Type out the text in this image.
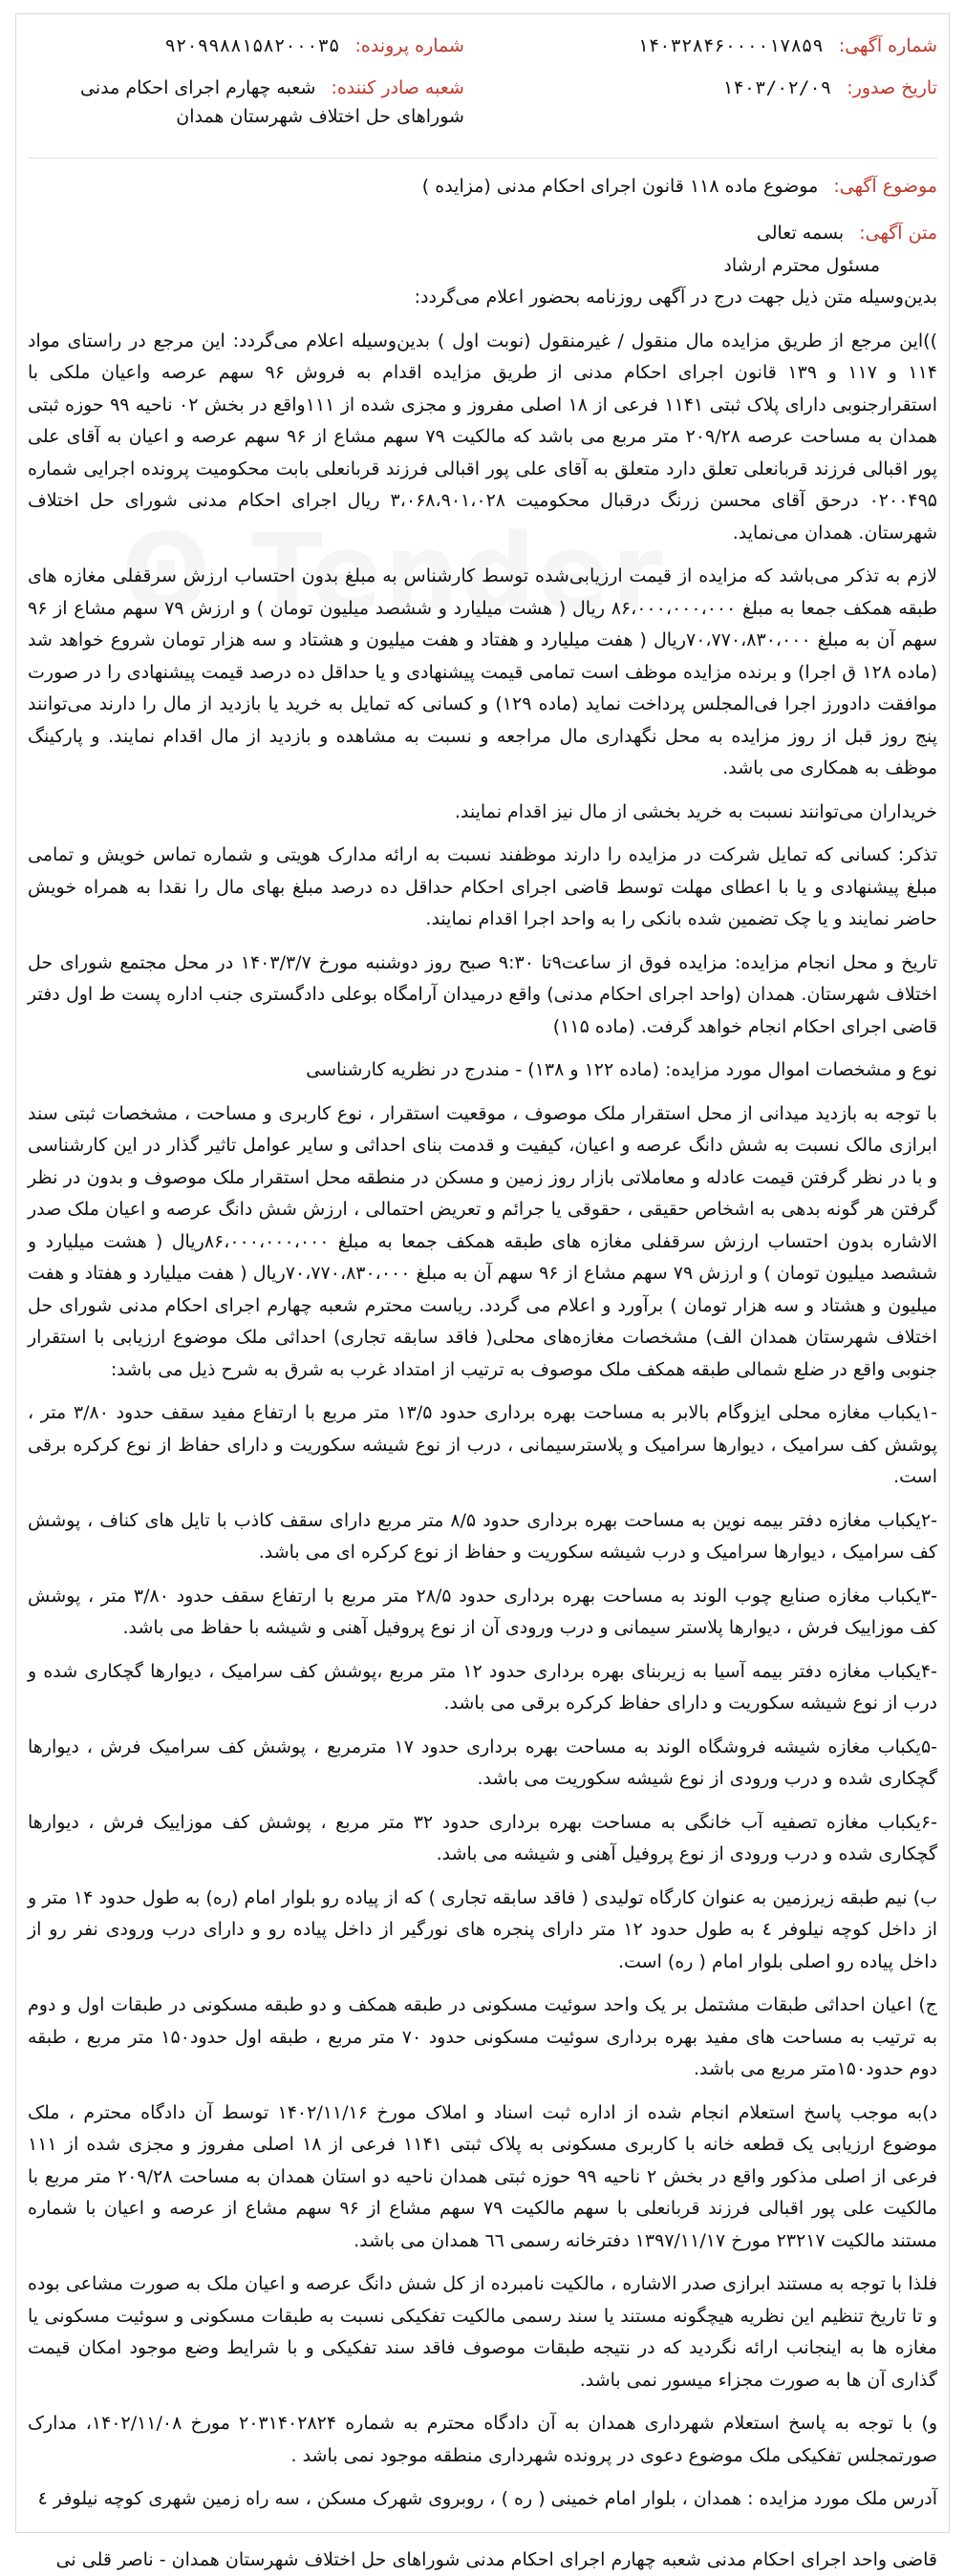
شماره آگهی: ۱۴۰۳۲۸۴۶۰۰۰۰۱۷۸۵۹
تاریخ صدور: ۱۴۰۳/۰۲/۰۹
شماره پرونده: ۹۲۰۹۹۸۸۱۵۸۲۰۰۰۳۵
شعبه صادر کننده: شعبه چهارم اجرای احکام مدنی شوراهای حل اختلاف شهرستان همدان
موضوع آگهی: موضوع ماده ۱۱۸ قانون اجرای احکام مدنی (مزایده )
متن آگهی: بسمه تعالی
مسئول محترم ارشاد

بدین‌وسیله متن ذیل جهت درج در آگهی روزنامه بحضور اعلام می‌گردد:

))این مرجع از طریق مزایده مال منقول / غیرمنقول (نوبت اول ) بدین‌وسیله اعلام می‌گردد: این مرجع در راستای مواد ۱۱۴ و ۱۱۷ و ۱۳۹ قانون اجرای احکام مدنی از طریق مزایده اقدام به فروش ۹۶ سهم عرصه واعیان ملکی با استقرارجنوبی دارای پلاک ثبتی ۱۱۴۱ فرعی از ۱۸ اصلی مفروز و مجزی شده از ۱۱۱واقع در بخش ۰۲ ناحیه ۹۹ حوزه ثبتی همدان به مساحت عرصه ۲۰۹/۲۸ متر مربع می باشد که مالکیت ۷۹ سهم مشاع از ۹۶ سهم عرصه و اعیان به آقای علی پور اقبالی فرزند قربانعلی تعلق دارد متعلق به آقای علی پور اقبالی فرزند قربانعلی بابت محکومیت پرونده اجرایی شماره ۰۲۰۰۴۹۵ درحق آقای محسن زرنگ درقبال محکومیت ۳،۰۶۸،۹۰۱،۰۲۸ ریال اجرای احکام مدنی شورای حل اختلاف شهرستان. همدان می‌نماید.

لازم به تذکر می‌باشد که مزایده از قیمت ارزیابی‌شده توسط کارشناس به مبلغ بدون احتساب ارزش سرقفلی مغازه های طبقه همکف جمعا به مبلغ ۸۶،۰۰۰،۰۰۰،۰۰۰ ریال ( هشت میلیارد و ششصد میلیون تومان ) و ارزش ۷۹ سهم مشاع از ۹۶ سهم آن به مبلغ ۷۰،۷۷۰،۸۳۰،۰۰۰ریال ( هفت میلیارد و هفتاد و هفت میلیون و هشتاد و سه هزار تومان شروع خواهد شد (ماده ۱۲۸ ق اجرا) و برنده مزایده موظف است تمامی قیمت پیشنهادی و یا حداقل ده درصد قیمت پیشنهادی را در صورت موافقت دادورز اجرا فی‌المجلس پرداخت نماید (ماده ۱۲۹) و کسانی که تمایل به خرید یا بازدید از مال را دارند می‌توانند پنج روز قبل از روز مزایده به محل نگهداری مال مراجعه و نسبت به مشاهده و بازدید از مال اقدام نمایند. و پارکینگ موظف به همکاری می باشد.

خریداران می‌توانند نسبت به خرید بخشی از مال نیز اقدام نمایند.

تذکر: کسانی که تمایل شرکت در مزایده را دارند موظفند نسبت به ارائه مدارک هویتی و شماره تماس خویش و تمامی مبلغ پیشنهادی و یا با اعطای مهلت توسط قاضی اجرای احکام حداقل ده درصد مبلغ بهای مال را نقدا به همراه خویش حاضر نمایند و یا چک تضمین شده بانکی را به واحد اجرا اقدام نمایند.

تاریخ و محل انجام مزایده: مزایده فوق از ساعت۹تا ۹:۳۰ صبح روز دوشنبه مورخ ۱۴۰۳/۳/۷ در محل مجتمع شورای حل اختلاف شهرستان. همدان (واحد اجرای احکام مدنی) واقع درمیدان آرامگاه بوعلی دادگستری جنب اداره پست ط اول دفتر قاضی اجرای احکام انجام خواهد گرفت. (ماده ۱۱۵)

نوع و مشخصات اموال مورد مزایده: (ماده ۱۲۲ و ۱۳۸) - مندرج در نظریه کارشناسی

با توجه به بازدید میدانی از محل استقرار ملک موصوف ، موقعیت استقرار ، نوع کاربری و مساحت ، مشخصات ثبتی سند ابرازی مالک نسبت به شش دانگ عرصه و اعیان، کیفیت و قدمت بنای احداثی و سایر عوامل تاثیر گذار در این کارشناسی و با در نظر گرفتن قیمت عادله و معاملاتی بازار روز زمین و مسکن در منطقه محل استقرار ملک موصوف و بدون در نظر گرفتن هر گونه بدهی به اشخاص حقیقی ، حقوقی یا جرائم و تعریض احتمالی ، ارزش شش دانگ عرصه و اعیان ملک صدر الاشاره بدون احتساب ارزش سرقفلی مغازه های طبقه همکف جمعا به مبلغ ۸۶،۰۰۰،۰۰۰،۰۰۰ریال ( هشت میلیارد و ششصد میلیون تومان ) و ارزش ۷۹ سهم مشاع از ۹۶ سهم آن به مبلغ ۷۰،۷۷۰،۸۳۰،۰۰۰ریال ( هفت میلیارد و هفتاد و هفت میلیون و هشتاد و سه هزار تومان ) برآورد و اعلام می گردد. ریاست محترم شعبه چهارم اجرای احکام مدنی شورای حل اختلاف شهرستان همدان الف) مشخصات مغازه‌های محلی( فاقد سابقه تجاری) احداثی ملک موضوع ارزیابی با استقرار جنوبی واقع در ضلع شمالی طبقه همکف ملک موصوف به ترتیب از امتداد غرب به شرق به شرح ذیل می باشد:

-۱یکباب مغازه محلی ایزوگام بالابر به مساحت بهره برداری حدود ۱۳/۵ متر مربع با ارتفاع مفید سقف حدود ۳/۸۰ متر ، پوشش کف سرامیک ، دیوارها سرامیک و پلاسترسیمانی ، درب از نوع شیشه سکوریت و دارای حفاظ از نوع کرکره برقی است.

-۲یکباب مغازه دفتر بیمه نوین به مساحت بهره برداری حدود ۸/۵ متر مربع دارای سقف کاذب با تایل های کناف ، پوشش کف سرامیک ، دیوارها سرامیک و درب شیشه سکوریت و حفاظ از نوع کرکره ای می باشد.

-۳یکباب مغازه صنایع چوب الوند به مساحت بهره برداری حدود ۲۸/۵ متر مربع با ارتفاع سقف حدود ۳/۸۰ متر ، پوشش کف موزاییک فرش ، دیوارها پلاستر سیمانی و درب ورودی آن از نوع پروفیل آهنی و شیشه با حفاظ می باشد.

-۴یکباب مغازه دفتر بیمه آسیا به زیربنای بهره برداری حدود ۱۲ متر مربع ،پوشش کف سرامیک ، دیوارها گچکاری شده و درب از نوع شیشه سکوریت و دارای حفاظ کرکره برقی می باشد.

-۵یکباب مغازه شیشه فروشگاه الوند به مساحت بهره برداری حدود ۱۷ مترمربع ، پوشش کف سرامیک فرش ، دیوارها گچکاری شده و درب ورودی از نوع شیشه سکوریت می باشد.

-۶یکباب مغازه تصفیه آب خانگی به مساحت بهره برداری حدود ۳۲ متر مربع ، پوشش کف موزاییک فرش ، دیوارها گچکاری شده و درب ورودی از نوع پروفیل آهنی و شیشه می باشد.

ب) نیم طبقه زیرزمین به عنوان کارگاه تولیدی ( فاقد سابقه تجاری ) که از پیاده رو بلوار امام (ره) به طول حدود ۱۴ متر و از داخل کوچه نیلوفر ٤ به طول حدود ۱۲ متر دارای پنجره های نورگیر از داخل پیاده رو و دارای درب ورودی نفر رو از داخل پیاده رو اصلی بلوار امام ( ره) است.

ج) اعیان احداثی طبقات مشتمل بر یک واحد سوئیت مسکونی در طبقه همکف و دو طبقه مسکونی در طبقات اول و دوم به ترتیب به مساحت های مفید بهره برداری سوئیت مسکونی حدود ۷۰ متر مربع ، طبقه اول حدود۱۵۰ متر مربع ، طبقه دوم حدود۱۵۰متر مربع می باشد.

د)به موجب پاسخ استعلام انجام شده از اداره ثبت اسناد و املاک مورخ ۱۴۰۲/۱۱/۱۶ توسط آن دادگاه محترم ، ملک موضوع ارزیابی یک قطعه خانه با کاربری مسکونی به پلاک ثبتی ۱۱۴۱ فرعی از ۱۸ اصلی مفروز و مجزی شده از ۱۱۱ فرعی از اصلی مذکور واقع در بخش ۲ ناحیه ۹۹ حوزه ثبتی همدان ناحیه دو استان همدان به مساحت ۲۰۹/۲۸ متر مربع با مالکیت علی پور اقبالی فرزند قربانعلی با سهم مالکیت ۷۹ سهم مشاع از ۹۶ سهم مشاع از عرصه و اعیان با شماره مستند مالکیت ۲۳۲۱۷ مورخ ۱۳۹۷/۱۱/۱۷ دفترخانه رسمی ٦٦ همدان می باشد.

فلذا با توجه به مستند ابرازی صدر الاشاره ، مالکیت نامبرده از کل شش دانگ عرصه و اعیان ملک به صورت مشاعی بوده و تا تاریخ تنظیم این نظریه هیچگونه مستند یا سند رسمی مالکیت تفکیکی نسبت به طبقات مسکونی و سوئیت مسکونی یا مغازه ها به اینجانب ارائه نگردید که در نتیجه طبقات موصوف فاقد سند تفکیکی و با شرایط وضع موجود امکان قیمت گذاری آن ها به صورت مجزاء میسور نمی باشد.

و) با توجه به پاسخ استعلام شهرداری همدان به آن دادگاه محترم به شماره ۲۰۳۱۴۰۲۸۲۴ مورخ ۱۴۰۲/۱۱/۰۸، مدارک صورتمجلس تفکیکی ملک موضوع دعوی در پرونده شهرداری منطقه موجود نمی باشد .

آدرس ملک مورد مزایده : همدان ، بلوار امام خمینی ( ره ) ، روبروی شهرک مسکن ، سه راه زمین شهری کوچه نیلوفر ٤

قاضی واحد اجرای احکام مدنی شعبه چهارم اجرای احکام مدنی شوراهای حل اختلاف شهرستان همدان - ناصر قلی نی
